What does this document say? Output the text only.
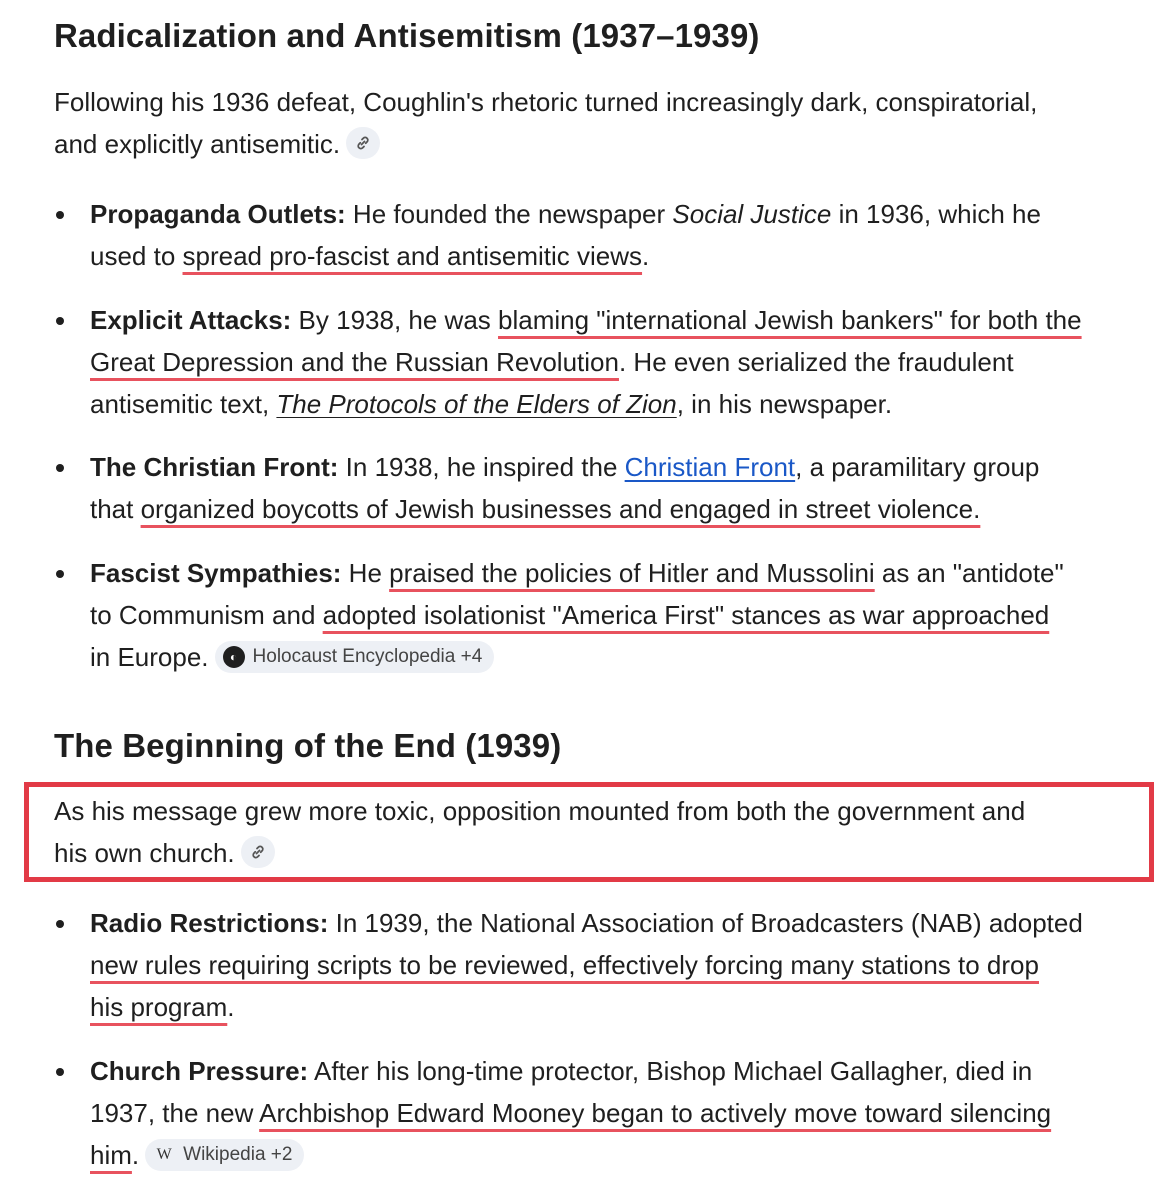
Radicalization and Antisemitism (1937–1939)
Following his 1936 defeat, Coughlin's rhetoric turned increasingly dark, conspiratorial,
and explicitly antisemitic.
Propaganda Outlets: He founded the newspaper Social Justice in 1936, which he
used to spread pro-fascist and antisemitic views.
Explicit Attacks: By 1938, he was blaming "international Jewish bankers" for both the
Great Depression and the Russian Revolution. He even serialized the fraudulent
antisemitic text, The Protocols of the Elders of Zion, in his newspaper.
The Christian Front: In 1938, he inspired the Christian Front, a paramilitary group
that organized boycotts of Jewish businesses and engaged in street violence.
Fascist Sympathies: He praised the policies of Hitler and Mussolini as an "antidote"
to Communism and adopted isolationist "America First" stances as war approached
in Europe.	◐ Holocaust Encyclopedia +4
The Beginning of the End (1939)
As his message grew more toxic, opposition mounted from both the government and
his own church.
Radio Restrictions: In 1939, the National Association of Broadcasters (NAB) adopted
new rules requiring scripts to be reviewed, effectively forcing many stations to drop
his program.
Church Pressure: After his long-time protector, Bishop Michael Gallagher, died in
1937, the new Archbishop Edward Mooney began to actively move toward silencing
him. W Wikipedia +2
